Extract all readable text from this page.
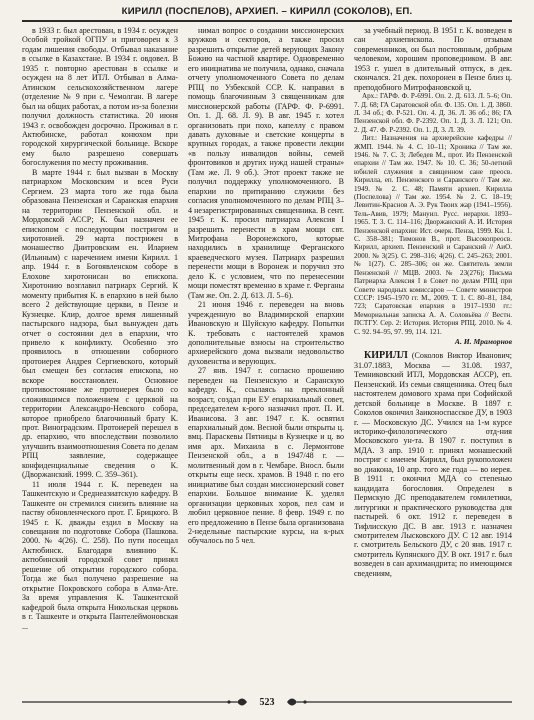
КИРИЛЛ (ПОСПЕЛОВ), АРХИЕП. – КИРИЛЛ (СОКОЛОВ), ЕП.

в 1933 г. был арестован, в 1934 г. осужден Особой тройкой ОГПУ и приговорен к 3 годам лишения свободы. Отбывал наказание в ссылке в Казахстане. В 1934 г. овдовел. В 1935 г. повторно арестован в ссылке и осужден на 8 лет ИТЛ. Отбывал в Алма-Атинском сельскохозяйственном лагере (отделение № 9 при с. Чемолган. В лагере был на общих работах, а потом из-за болезни получил должность статистика. 20 июня 1943 г. освобожден досрочно. Проживал в г. Актюбинске, работал конюхом при городской хирургической больнице. Вскоре ему было разрешено совершать богослужения по месту проживания.

В марте 1944 г. был вызван в Москву патриархом Московским и всея Руси Сергием. 23 марта того же года была образована Пензенская и Саранская епархия на территории Пензенской обл. и Мордовской АССР; К. был назначен ее епископом с последующим постригом и хиротонией. 29 марта пострижен в монашество Днитровским ен. Иларием (Ильиным) с наречением имени Кирилл. 1 апр. 1944 г. в Богоявленском соборе в Елохове хиротонисан во епископа. Хиротонию возглавил патриарх Сергий. К моменту прибытия К. в епархию в ней было всего 2 действующие церкви, в Пензе и Кузнецке. Клир, долгое время лишенный пастырского надзора, был вынужден дать отчет о состоянии дел в епархии, что привело к конфликту. Особенно это проявилось в отношении соборного протоиерея Андрея Сергиевского, который был смещен без согласия епископа, но вскоре восстановлен. Основное противостояние же протоиерея было со сложившимся положением с церквой на территории Александро-Невского собора, которое приобрело благочинный брату К. прот. Виноградским. Протоиерей перешел в др. епархию, что впоследствии позволило улучшить взаимоотношения Совета по делам РПЦ заявление, содержащее конфиденциальные сведения о К. (Дворжанский. 1999. С. 359–361).

11 июля 1944 г. К. переведен на Ташкентскую и Среднеазиатскую кафедру. В Ташкенте он стремился снизить влияние на паству обновленческого прот. Г. Брицкого. В 1945 г. К. дважды ездил в Москву на совещания по подготовке Собора (Пашкова. 2000. № 4(26). С. 258). По пути посещал Актюбинск. Благодаря влиянию К. актюбинский городской совет принял решение об открытии городского собора. Тогда же был получено разрешение на открытие Покровского собора в Алма-Ате. За время управления К. Ташкентской кафедрой была открыта Никольская церковь в г. Ташкенте и открыта Пантелеймоновская ...

нимал вопрос о создании миссионерских кружков и секторов, а также просил разрешить открытие детей верующих Закону Божию на частной квартире. Одновременно его инициатива не получила, однако, сначала отчету уполномоченного Совета по делам РПЦ по Узбекской ССР. К. направил в помощь благочинным 3 священникам для миссионерской работы (ГАРФ. Ф. Р-6991. Оп. 1. Д. 68. Л. 9). В авг. 1945 г. хотел организовать при похо, капеллу с правом давать духовные и светские концерты в крупных городах, а также провести лекции «в пользу инвалидов войны, семей фронтовиков и других нужд нашей страны» (Там же. Л. 9 об.). Этот проект также не получил поддержку уполномоченного. В епархии по притиранию служили без согласия уполномоченного по делам РПЦ 3–4 незарегистрированных священника. В сент. 1945 г. К. просил патриарха Алексия I разрешить перенести в храм мощи свт. Митрофана Воронежского, которые находились в хранилище Ферганского краеведческого музея. Патриарх разрешил перенести мощи в Воронеж и поручил это дело К. с условием, что по перенесении мощи поместят временно в храме г. Ферганы (Там же. Оп. 2. Д. 613. Л. 5–6).

21 июня 1946 г. переведен на вновь учрежденную во Владимирской епархии Ивановскую и Шуйскую кафедру. Попытки К. требовать с настоятелей храмов дополнительные взносы на строительство архиерейского дома вызвали недовольство духовенства и верующих.

27 янв. 1947 г. согласно прошению переведен на Пензенскую и Саранскую кафедру. К., ссылаясь на преклонный возраст, создал при ЕУ епархиальный совет, председателем к-рого назначил прот. П. И. Иванисова. 3 авг. 1947 г. К. освятил епархиальный дом. Весной были открыты ц. вмц. Параскевы Пятницы в Кузнецке и ц. во имя арх. Михаила в с. Лермонтове Пензенской обл., а в 1947/48 г. — молитвенный дом в г. Чембаре. Вносл. были открыты еще неск. храмов. В 1948 г. по его инициативе был создан миссионерский совет епархии. Большое внимание К. уделял организации церковных хоров, пел сам и любил церковное пение. 8 февр. 1949 г. по его предложению в Пензе была организована 2-недельные пастырские курсы, на к-рых обучалось по 5 чел.

за учебный период. В 1951 г. К. возведен в сан архиепископа. По отзывам современников, он был постоянным, добрым человеком, хорошим проповедником. В авг. 1953 г. ушел в длительный отпуск, в дек. скончался. 21 дек. похоронен в Пензе близ ц. преподобного Митрофановской ц.

Арх.: ГАРФ. Ф. Р-6991. Оп. 2. Д. 613. Л. 5–6; Оп. 7. Д. 68; ГА Саратовской обл. Ф. 135. Оп. 1. Д. 3860. Л. 34 об.; Ф. Р-521. Оп. 4. Д. 36. Л. 36 об.; 86; ГА Пензенской обл. Ф. Р-2392. Оп. 1. Д. 3. Л. 121; Оп. 2. Д. 47. Ф. Р-2392. Оп. 1. Д. 3. Л. 39.

Лит.: Назначения на архиерейские кафедры // ЖМП. 1944. № 4. С. 10–11; Хроника // Там же. 1946. № 7. С. 3; Лебедев М., прот. Из Пензенской епархии // Там же. 1947. № 10. С. 36; 50-летний юбилей служения в священном сане преосв. Кирилла, еп. Пензенского и Саранского // Там же. 1949. № 2. С. 48; Памяти архиеп. Кирилла (Поспелова) // Там же. 1954. № 2. С. 18–19; Левитин-Краснов А. Э. Рук Твоих жар (1941–1956). Тель-Авив, 1979; Мануил. Русс. иерархи. 1893–1965. Т. 3. С. 114–116; Дворжанский А. И. История Пензенской епархии: Ист. очерк. Пенза, 1999. Кн. 1. С. 358–381; Тимонов В., прот. Высокопреосв. Кирилл, архиеп. Пензенский и Саранский // АиО. 2000. № 3(25). С. 298–316; 4(26). С. 245–263; 2001. № 1(27). С. 285–306; он же. Святитель земли Пензенской // МЦВ. 2003. № 23(276); Письма Патриарха Алексия I в Совет по делам РПЦ при Совете народных комиссаров — Совете министров СССР: 1945–1970 гг. М., 2009. Т. 1. С. 80–81, 184, 723; Саратовская епархия в 1917–1930 гг.: Мемориальная записка А. А. Соловьёва // Вестн. ПСТГУ. Сер. 2: История. История РПЦ. 2010. № 4. С. 92. 94–95, 97. 99, 114. 121.

А. И. Мраморнов

КИРИЛЛ (Соколов Виктор Иванович; 31.07.1883, Москва — 31.08. 1937, Темниковский ИТЛ, Мордовская АССР), еп. Пензенский. Из семьи священника. Отец был настоятелем домового храма при Софийской детской больнице в Москве. В 1897 г. Соколов окончил Заиконоспасское ДУ, в 1903 г. — Московскую ДС. Учился на 1-м курсе историко-филологического отд-ния Московского ун-та. В 1907 г. поступил в МДА. 3 апр. 1910 г. принял монашеский постриг с именем Кирилл, был рукоположен во диакона, 10 апр. того же года — во иерея. В 1911 г. окончил МДА со степенью кандидата богословия. Определен в Пермскую ДС преподавателем гомилетики, литургики и практического руководства для пастырей. 6 окт. 1912 г. переведен в Тифлисскую ДС. В авг. 1913 г. назначен смотрителем Лысковского ДУ. С 12 авг. 1914 г. смотритель Бельского ДУ, с 20 янв. 1917 г. смотритель Купянского ДУ. В окт. 1917 г. был возведен в сан архимандрита; по имеющимся сведениям,

523
